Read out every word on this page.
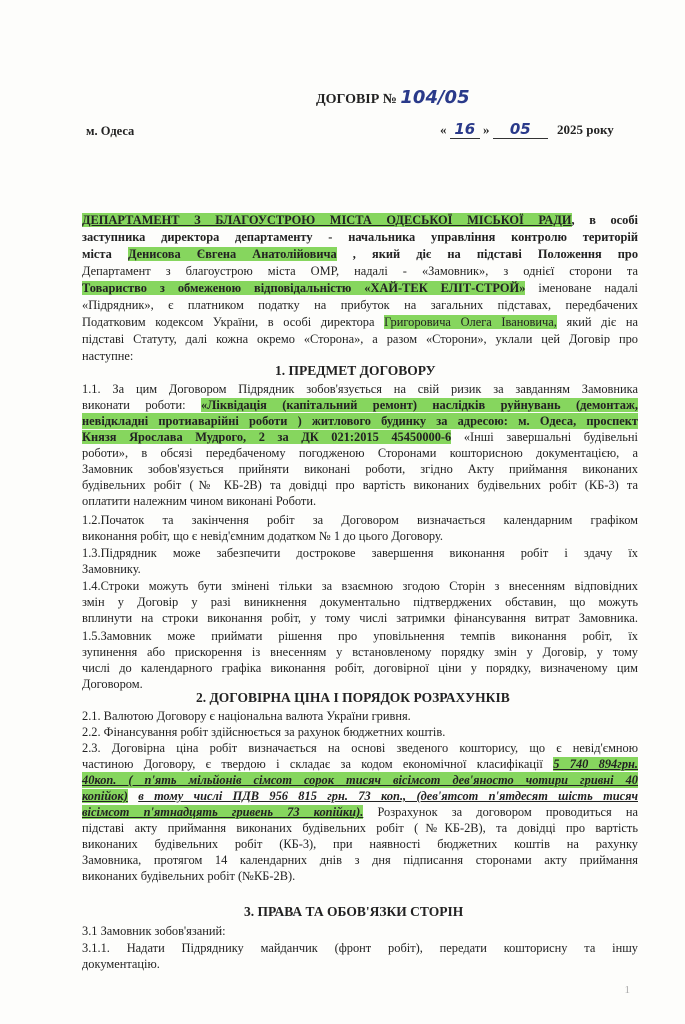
ДОГОВІР № 104/05
м. Одеса	« 16 » 05 2025 року
ДЕПАРТАМЕНТ З БЛАГОУСТРОЮ МІСТА ОДЕСЬКОЇ МІСЬКОЇ РАДИ, в особі
заступника директора департаменту - начальника управління контролю територій
міста Денисова Євгена Анатолійовича , який діє на підставі Положення про
Департамент з благоустрою міста ОМР, надалі - «Замовник», з однієї сторони та
Товариство з обмеженою відповідальністю «ХАЙ-ТЕК ЕЛІТ-СТРОЙ» іменоване надалі
«Підрядник», є платником податку на прибуток на загальних підставах, передбачених
Податковим кодексом України, в особі директора Григоровича Олега Івановича, який діє на
підставі Статуту, далі кожна окремо «Сторона», а разом «Сторони», уклали цей Договір про
наступне:
1. ПРЕДМЕТ ДОГОВОРУ
1.1. За цим Договором Підрядник зобов'язується на свій ризик за завданням Замовника
виконати роботи: «Ліквідація (капітальний ремонт) наслідків руйнувань (демонтаж,
невідкладні протиаварійні роботи ) житлового будинку за адресою: м. Одеса, проспект
Князя Ярослава Мудрого, 2 за ДК 021:2015 45450000-6 «Інші завершальні будівельні
роботи», в обсязі передбаченому погодженою Сторонами кошторисною документацією, а
Замовник зобов'язується прийняти виконані роботи, згідно Акту приймання виконаних
будівельних робіт (№ КБ-2В) та довідці про вартість виконаних будівельних робіт (КБ-3) та
оплатити належним чином виконані Роботи.
1.2.Початок та закінчення робіт за Договором визначається календарним графіком
виконання робіт, що є невід'ємним додатком № 1 до цього Договору.
1.3.Підрядник може забезпечити дострокове завершення виконання робіт і здачу їх
Замовнику.
1.4.Строки можуть бути змінені тільки за взаємною згодою Сторін з внесенням відповідних
змін у Договір у разі виникнення документально підтверджених обставин, що можуть
вплинути на строки виконання робіт, у тому числі затримки фінансування витрат Замовника.
1.5.Замовник може приймати рішення про уповільнення темпів виконання робіт, їх
зупинення або прискорення із внесенням у встановленому порядку змін у Договір, у тому
числі до календарного графіка виконання робіт, договірної ціни у порядку, визначеному цим
Договором.
2. ДОГОВІРНА ЦІНА І ПОРЯДОК РОЗРАХУНКІВ
2.1. Валютою Договору є національна валюта України гривня.
2.2. Фінансування робіт здійснюється за рахунок бюджетних коштів.
2.3. Договірна ціна робіт визначається на основі зведеного кошторису, що є невід'ємною
частиною Договору, є твердою і складає за кодом економічної класифікації 5 740 894грн.
40коп. ( п'ять мільйонів сімсот сорок тисяч вісімсот дев'яносто чотири гривні 40
копійок) в тому числі ПДВ 956 815 грн. 73 коп., (дев'ятсот п'ятдесят шість тисяч
вісімсот п'ятнадцять гривень 73 копійки). Розрахунок за договором проводиться на
підставі акту приймання виконаних будівельних робіт (№КБ-2В), та довідці про вартість
виконаних будівельних робіт (КБ-3), при наявності бюджетних коштів на рахунку
Замовника, протягом 14 календарних днів з дня підписання сторонами акту приймання
виконаних будівельних робіт (№КБ-2В).
3. ПРАВА ТА ОБОВ'ЯЗКИ СТОРІН
3.1 Замовник зобов'язаний:
3.1.1. Надати Підряднику майданчик (фронт робіт), передати кошторисну та іншу
документацію.
1
